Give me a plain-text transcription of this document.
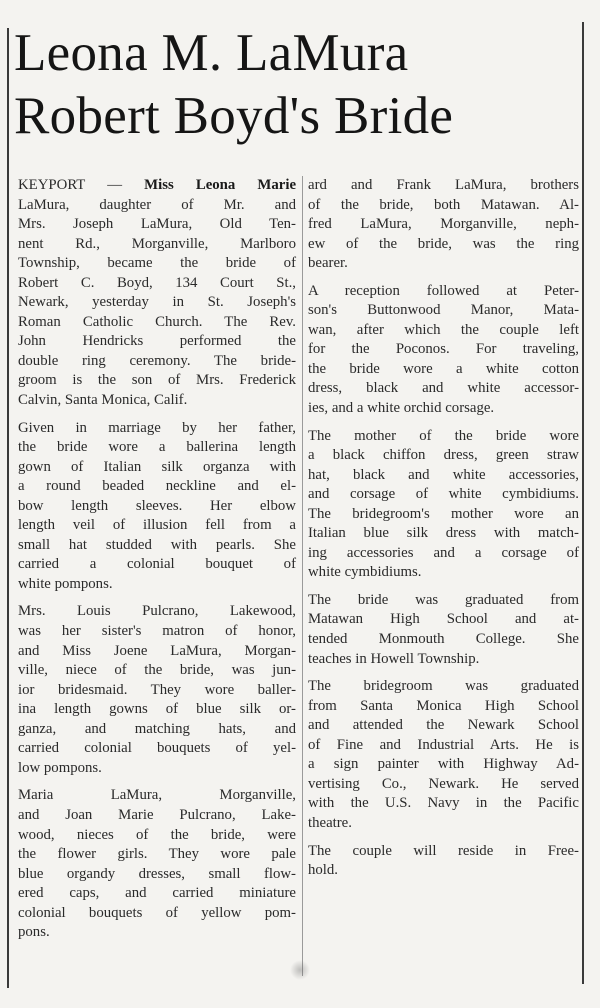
Leona M. LaMura
Robert Boyd's Bride

KEYPORT — Miss Leona Marie
LaMura, daughter of Mr. and
Mrs. Joseph LaMura, Old Ten-
nent Rd., Morganville, Marlboro
Township, became the bride of
Robert C. Boyd, 134 Court St.,
Newark, yesterday in St. Joseph's
Roman Catholic Church. The Rev.
John Hendricks performed the
double ring ceremony. The bride-
groom is the son of Mrs. Frederick
Calvin, Santa Monica, Calif.

Given in marriage by her father,
the bride wore a ballerina length
gown of Italian silk organza with
a round beaded neckline and el-
bow length sleeves. Her elbow
length veil of illusion fell from a
small hat studded with pearls. She
carried a colonial bouquet of
white pompons.

Mrs. Louis Pulcrano, Lakewood,
was her sister's matron of honor,
and Miss Joene LaMura, Morgan-
ville, niece of the bride, was jun-
ior bridesmaid. They wore baller-
ina length gowns of blue silk or-
ganza, and matching hats, and
carried colonial bouquets of yel-
low pompons.

Maria LaMura, Morganville,
and Joan Marie Pulcrano, Lake-
wood, nieces of the bride, were
the flower girls. They wore pale
blue organdy dresses, small flow-
ered caps, and carried miniature
colonial bouquets of yellow pom-
pons.

ard and Frank LaMura, brothers
of the bride, both Matawan. Al-
fred LaMura, Morganville, neph-
ew of the bride, was the ring
bearer.

A reception followed at Peter-
son's Buttonwood Manor, Mata-
wan, after which the couple left
for the Poconos. For traveling,
the bride wore a white cotton
dress, black and white accessor-
ies, and a white orchid corsage.

The mother of the bride wore
a black chiffon dress, green straw
hat, black and white accessories,
and corsage of white cymbidiums.
The bridegroom's mother wore an
Italian blue silk dress with match-
ing accessories and a corsage of
white cymbidiums.

The bride was graduated from
Matawan High School and at-
tended Monmouth College. She
teaches in Howell Township.

The bridegroom was graduated
from Santa Monica High School
and attended the Newark School
of Fine and Industrial Arts. He is
a sign painter with Highway Ad-
vertising Co., Newark. He served
with the U.S. Navy in the Pacific
theatre.

The couple will reside in Free-
hold.
